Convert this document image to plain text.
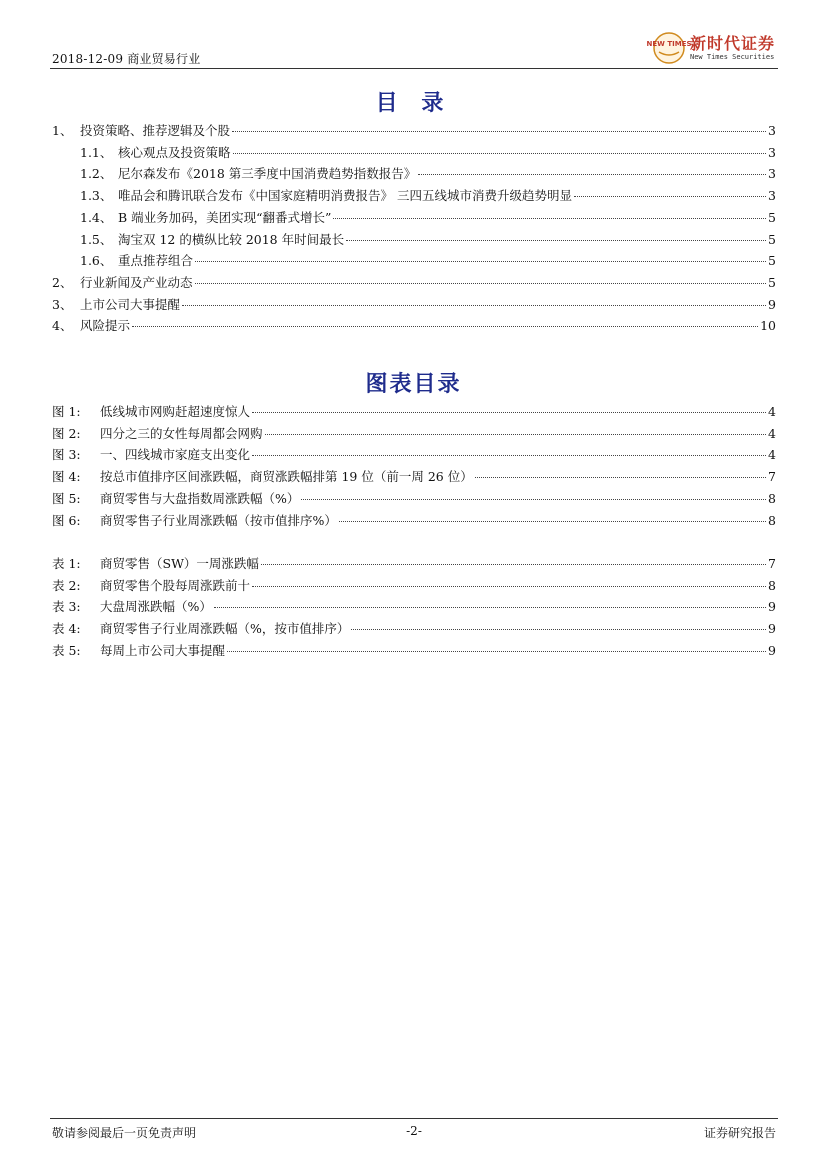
2018-12-09 商业贸易行业
NEW TIMES
新时代证券
New Times Securities
目 录
1、 投资策略、推荐逻辑及个股	3
1.1、 核心观点及投资策略	3
1.2、 尼尔森发布《2018 第三季度中国消费趋势指数报告》	3
1.3、 唯品会和腾讯联合发布《中国家庭精明消费报告》 三四五线城市消费升级趋势明显	3
1.4、 B 端业务加码，美团实现“翻番式增长”	5
1.5、 淘宝双 12 的横纵比较 2018 年时间最长	5
1.6、 重点推荐组合	5
2、 行业新闻及产业动态	5
3、 上市公司大事提醒	9
4、 风险提示	10
图表目录
图 1:	低线城市网购赶超速度惊人	4
图 2:	四分之三的女性每周都会网购	4
图 3:	一、四线城市家庭支出变化	4
图 4:	按总市值排序区间涨跌幅，商贸涨跌幅排第 19 位（前一周 26 位）	7
图 5:	商贸零售与大盘指数周涨跌幅（%）	8
图 6:	商贸零售子行业周涨跌幅（按市值排序%）	8
表 1:	商贸零售（SW）一周涨跌幅	7
表 2:	商贸零售个股每周涨跌前十	8
表 3:	大盘周涨跌幅（%）	9
表 4:	商贸零售子行业周涨跌幅（%，按市值排序）	9
表 5:	每周上市公司大事提醒	9
敬请参阅最后一页免责声明	-2-	证券研究报告
